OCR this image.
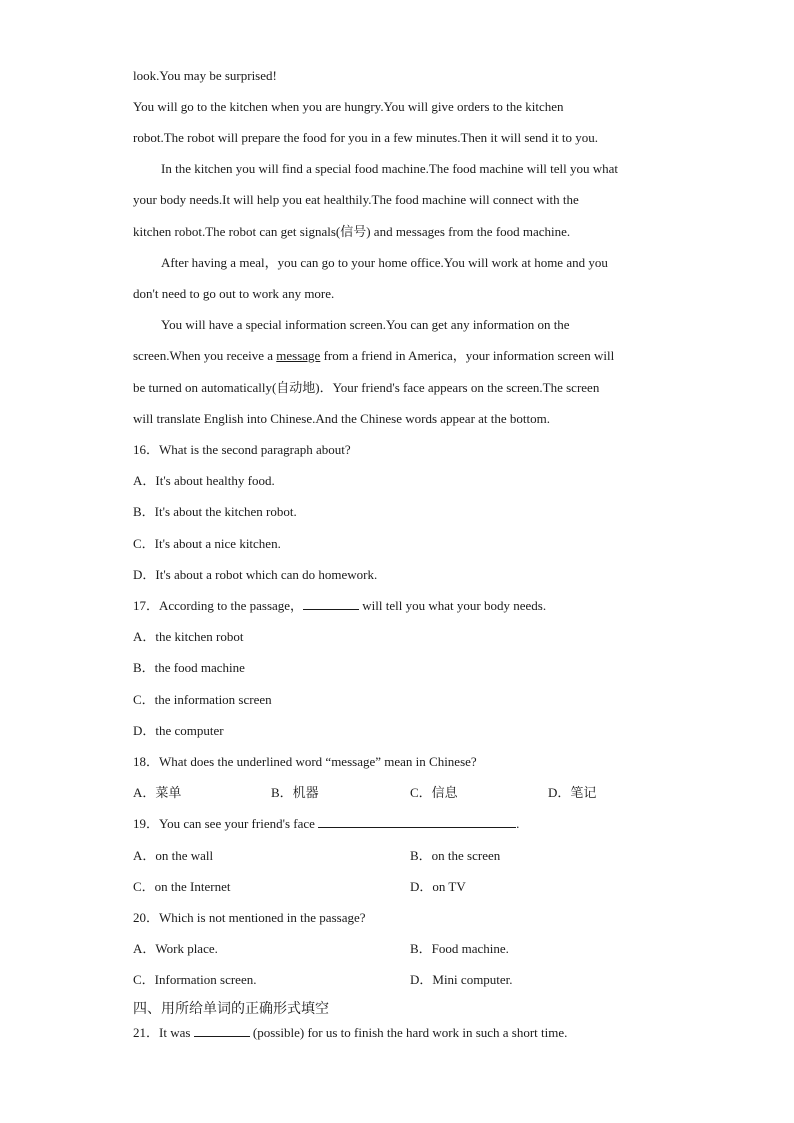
look.You may be surprised!
You will go to the kitchen when you are hungry.You will give orders to the kitchen
robot.The robot will prepare the food for you in a few minutes.Then it will send it to you.
In the kitchen you will find a special food machine.The food machine will tell you what
your body needs.It will help you eat healthily.The food machine will connect with the
kitchen robot.The robot can get signals(信号) and messages from the food machine.
After having a meal，you can go to your home office.You will work at home and you
don't need to go out to work any more.
You will have a special information screen.You can get any information on the
screen.When you receive a message from a friend in America，your information screen will
be turned on automatically(自动地)．Your friend's face appears on the screen.The screen
will translate English into Chinese.And the Chinese words appear at the bottom.
16．What is the second paragraph about?
A．It's about healthy food.
B．It's about the kitchen robot.
C．It's about a nice kitchen.
D．It's about a robot which can do homework.
17．According to the passage，	will tell you what your body needs.
A．the kitchen robot
B．the food machine
C．the information screen
D．the computer
18．What does the underlined word “message” mean in Chinese?
A．菜单	B．机器	C．信息	D．笔记
19．You can see your friend's face	.
A．on the wall	B．on the screen
C．on the Internet	D．on TV
20．Which is not mentioned in the passage?
A．Work place.	B．Food machine.
C．Information screen.	D．Mini computer.
四、用所给单词的正确形式填空
21．It was	(possible) for us to finish the hard work in such a short time.
